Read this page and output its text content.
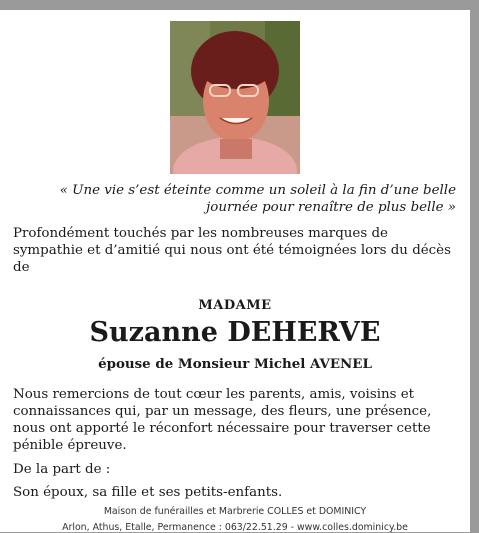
« Une vie s’est éteinte comme un soleil à la fin d’une belle
journée pour renaître de plus belle »
Profondément touchés par les nombreuses marques de sympathie et d’amitié qui nous ont été témoignées lors du décès de
MADAME
Suzanne DEHERVE
épouse de Monsieur Michel AVENEL
Nous remercions de tout cœur les parents, amis, voisins et connaissances qui, par un message, des fleurs, une présence, nous ont apporté le réconfort nécessaire pour traverser cette pénible épreuve.
De la part de :
Son époux, sa fille et ses petits-enfants.
Maison de funérailles et Marbrerie COLLES et DOMINICY
Arlon, Athus, Etalle, Permanence : 063/22.51.29 - www.colles.dominicy.be
